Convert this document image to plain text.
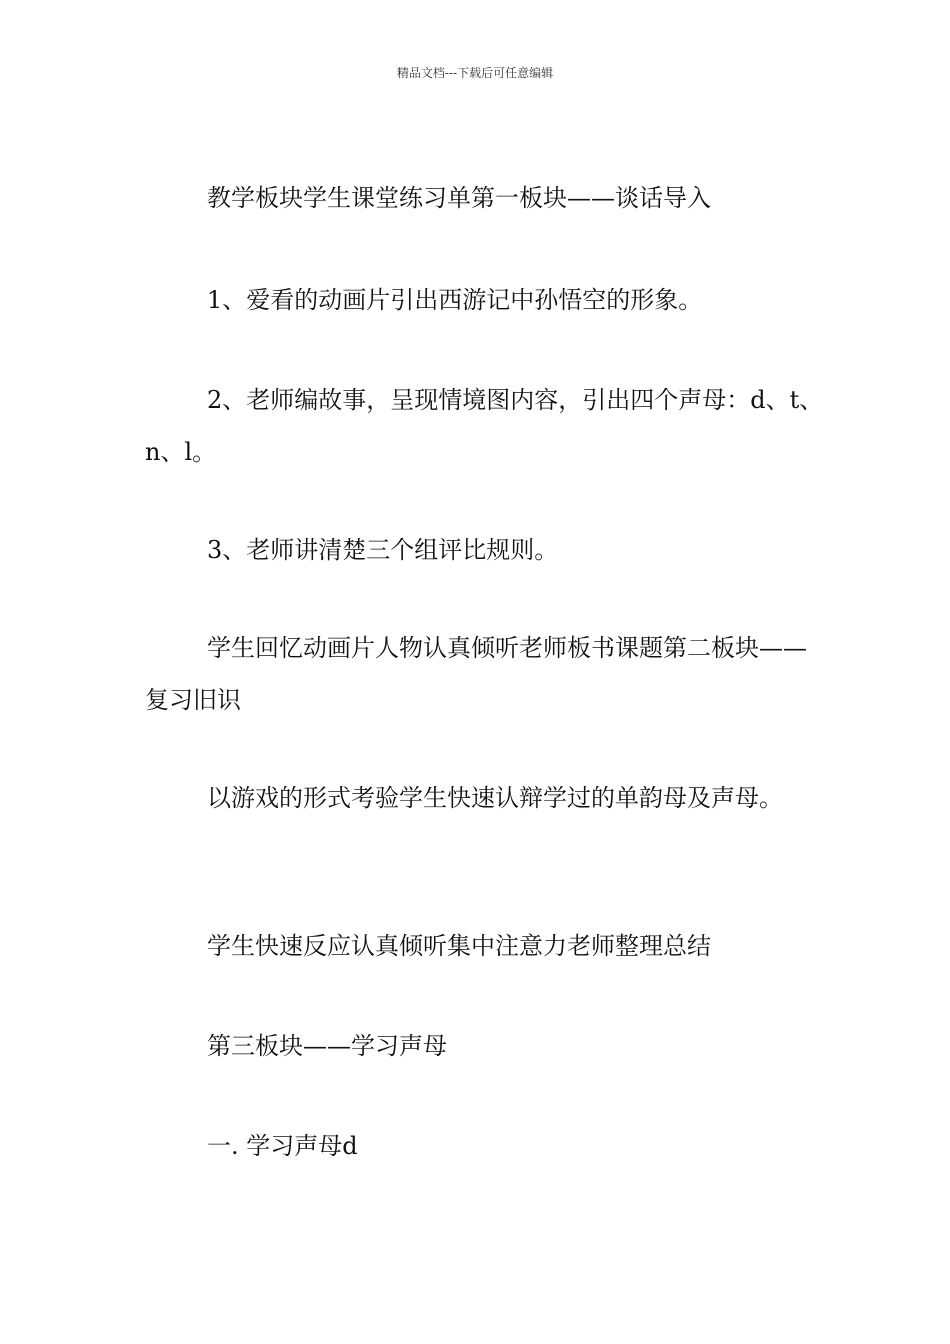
精品文档---下载后可任意编辑

教学板块学生课堂练习单第一板块——谈话导入

1、爱看的动画片引出西游记中孙悟空的形象。

2、老师编故事，呈现情境图内容，引出四个声母：d、t、n、l。

3、老师讲清楚三个组评比规则。

学生回忆动画片人物认真倾听老师板书课题第二板块——复习旧识

以游戏的形式考验学生快速认辩学过的单韵母及声母。

学生快速反应认真倾听集中注意力老师整理总结

第三板块——学习声母

一. 学习声母d
